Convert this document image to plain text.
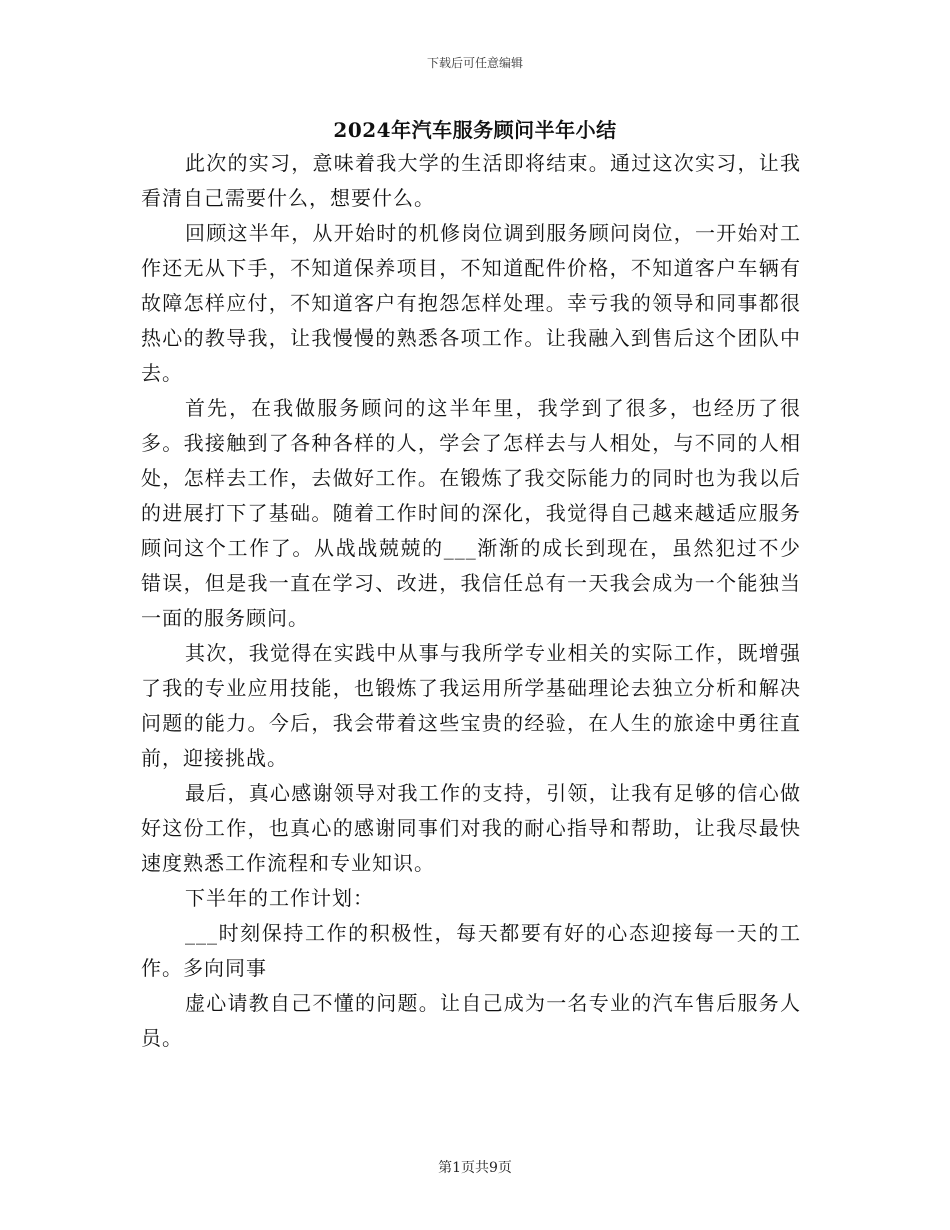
下载后可任意编辑
2024年汽车服务顾问半年小结

此次的实习，意味着我大学的生活即将结束。通过这次实习，让我看清自己需要什么，想要什么。

回顾这半年，从开始时的机修岗位调到服务顾问岗位，一开始对工作还无从下手，不知道保养项目，不知道配件价格，不知道客户车辆有故障怎样应付，不知道客户有抱怨怎样处理。幸亏我的领导和同事都很热心的教导我，让我慢慢的熟悉各项工作。让我融入到售后这个团队中去。

首先，在我做服务顾问的这半年里，我学到了很多，也经历了很多。我接触到了各种各样的人，学会了怎样去与人相处，与不同的人相处，怎样去工作，去做好工作。在锻炼了我交际能力的同时也为我以后的进展打下了基础。随着工作时间的深化，我觉得自己越来越适应服务顾问这个工作了。从战战兢兢的___渐渐的成长到现在，虽然犯过不少错误，但是我一直在学习、改进，我信任总有一天我会成为一个能独当一面的服务顾问。

其次，我觉得在实践中从事与我所学专业相关的实际工作，既增强了我的专业应用技能，也锻炼了我运用所学基础理论去独立分析和解决问题的能力。今后，我会带着这些宝贵的经验，在人生的旅途中勇往直前，迎接挑战。

最后，真心感谢领导对我工作的支持，引领，让我有足够的信心做好这份工作，也真心的感谢同事们对我的耐心指导和帮助，让我尽最快速度熟悉工作流程和专业知识。

下半年的工作计划：

___时刻保持工作的积极性，每天都要有好的心态迎接每一天的工作。多向同事

虚心请教自己不懂的问题。让自己成为一名专业的汽车售后服务人员。

第1页共9页
